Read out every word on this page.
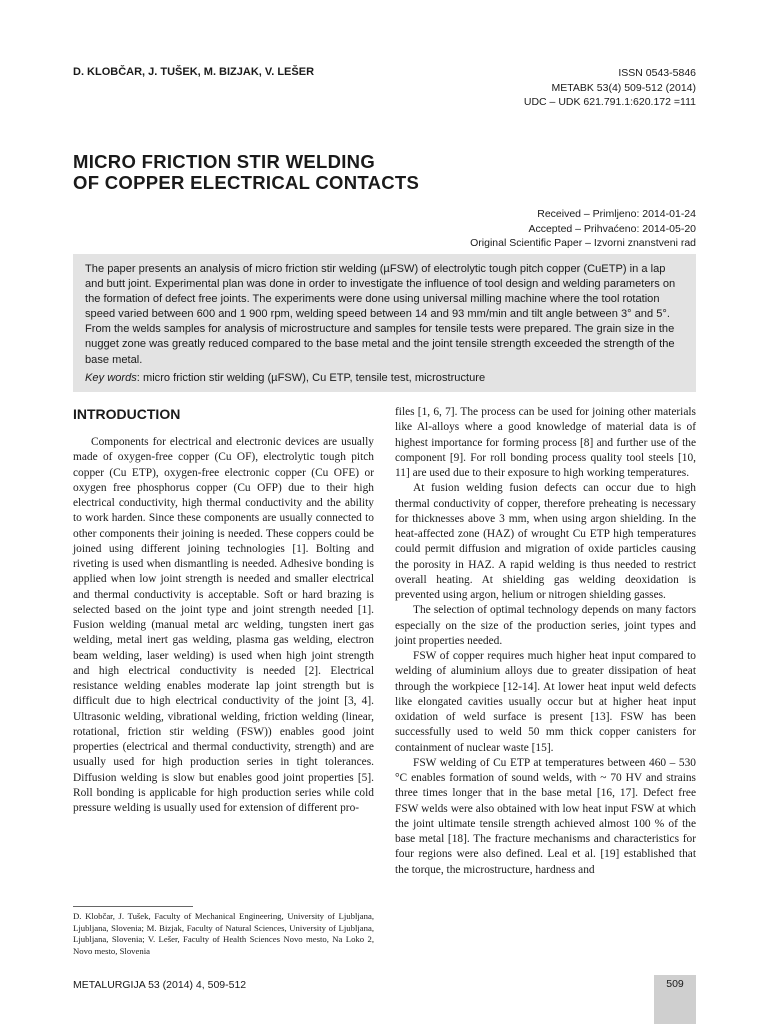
D. KLOBČAR, J. TUŠEK, M. BIZJAK, V. LEŠER	ISSN 0543-5846
METABK 53(4) 509-512 (2014)
UDC – UDK 621.791.1:620.172 =111
MICRO FRICTION STIR WELDING
OF COPPER ELECTRICAL CONTACTS
Received – Primljeno: 2014-01-24
Accepted – Prihvaćeno: 2014-05-20
Original Scientific Paper – Izvorni znanstveni rad

The paper presents an analysis of micro friction stir welding (µFSW) of electrolytic tough pitch copper (CuETP) in a lap and butt joint. Experimental plan was done in order to investigate the influence of tool design and welding parameters on the formation of defect free joints. The experiments were done using universal milling machine where the tool rotation speed varied between 600 and 1 900 rpm, welding speed between 14 and 93 mm/min and tilt angle between 3° and 5°. From the welds samples for analysis of microstructure and samples for tensile tests were prepared. The grain size in the nugget zone was greatly reduced compared to the base metal and the joint tensile strength exceeded the strength of the base metal.

Key words: micro friction stir welding (µFSW), Cu ETP, tensile test, microstructure

INTRODUCTION

Components for electrical and electronic devices are usually made of oxygen-free copper (Cu OF), electrolytic tough pitch copper (Cu ETP), oxygen-free electronic copper (Cu OFE) or oxygen free phosphorus copper (Cu OFP) due to their high electrical conductivity, high thermal conductivity and the ability to work harden. Since these components are usually connected to other components their joining is needed. These coppers could be joined using different joining technologies [1]. Bolting and riveting is used when dismantling is needed. Adhesive bonding is applied when low joint strength is needed and smaller electrical and thermal conductivity is acceptable. Soft or hard brazing is selected based on the joint type and joint strength needed [1]. Fusion welding (manual metal arc welding, tungsten inert gas welding, metal inert gas welding, plasma gas welding, electron beam welding, laser welding) is used when high joint strength and high electrical conductivity is needed [2]. Electrical resistance welding enables moderate lap joint strength but is difficult due to high electrical conductivity of the joint [3, 4]. Ultrasonic welding, vibrational welding, friction welding (linear, rotational, friction stir welding (FSW)) enables good joint properties (electrical and thermal conductivity, strength) and are usually used for high production series in tight tolerances. Diffusion welding is slow but enables good joint properties [5]. Roll bonding is applicable for high production series while cold pressure welding is usually used for extension of different pro-

files [1, 6, 7]. The process can be used for joining other materials like Al-alloys where a good knowledge of material data is of highest importance for forming process [8] and further use of the component [9]. For roll bonding process quality tool steels [10, 11] are used due to their exposure to high working temperatures.

At fusion welding fusion defects can occur due to high thermal conductivity of copper, therefore preheating is necessary for thicknesses above 3 mm, when using argon shielding. In the heat-affected zone (HAZ) of wrought Cu ETP high temperatures could permit diffusion and migration of oxide particles causing the porosity in HAZ. A rapid welding is thus needed to restrict overall heating. At shielding gas welding deoxidation is prevented using argon, helium or nitrogen shielding gasses.

The selection of optimal technology depends on many factors especially on the size of the production series, joint types and joint properties needed.

FSW of copper requires much higher heat input compared to welding of aluminium alloys due to greater dissipation of heat through the workpiece [12-14]. At lower heat input weld defects like elongated cavities usually occur but at higher heat input oxidation of weld surface is present [13]. FSW has been successfully used to weld 50 mm thick copper canisters for containment of nuclear waste [15].

FSW welding of Cu ETP at temperatures between 460 – 530 °C enables formation of sound welds, with ~ 70 HV and strains three times longer that in the base metal [16, 17]. Defect free FSW welds were also obtained with low heat input FSW at which the joint ultimate tensile strength achieved almost 100 % of the base metal [18]. The fracture mechanisms and characteristics for four regions were also defined. Leal et al. [19] established that the torque, the microstructure, hardness and

D. Klobčar, J. Tušek, Faculty of Mechanical Engineering, University of Ljubljana, Ljubljana, Slovenia; M. Bizjak, Faculty of Natural Sciences, University of Ljubljana, Ljubljana, Slovenia; V. Lešer, Faculty of Health Sciences Novo mesto, Na Loko 2, Novo mesto, Slovenia
METALURGIJA 53 (2014) 4, 509-512	509
